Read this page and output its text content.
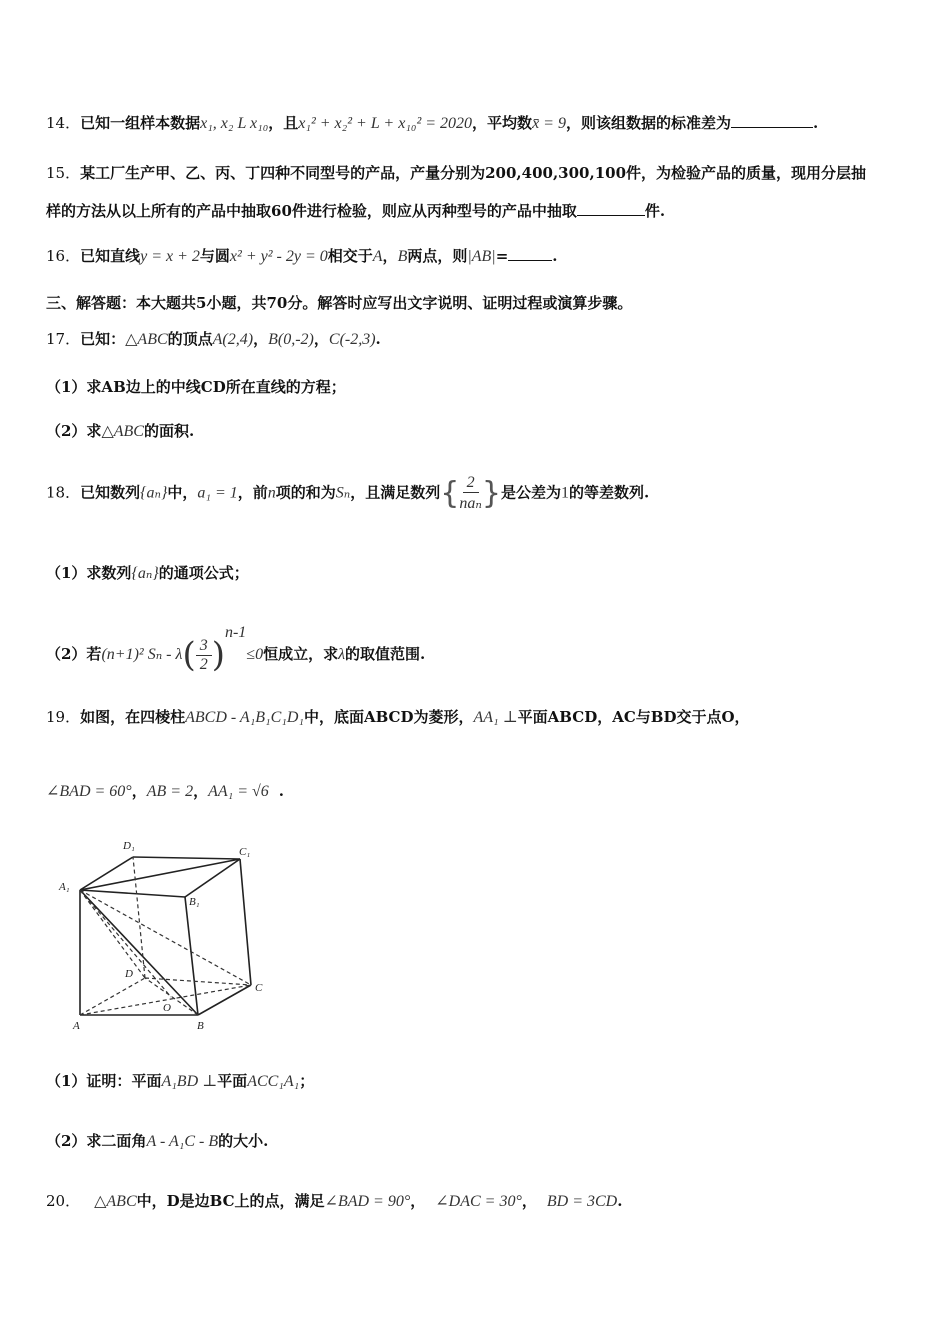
14．已知一组样本数据x₁, x₂ L x₁₀，且x₁² + x₂² + L + x₁₀² = 2020，平均数x̄ = 9，则该组数据的标准差为	.
15．某工厂生产甲、乙、丙、丁四种不同型号的产品，产量分别为200,400,300,100件，为检验产品的质量，现用分层抽
样的方法从以上所有的产品中抽取60件进行检验，则应从丙种型号的产品中抽取	件.
16．已知直线y = x + 2与圆x² + y² - 2y = 0相交于A，B两点，则|AB|=	.
三、解答题：本大题共5小题，共70分。解答时应写出文字说明、证明过程或演算步骤。
17．已知：△ABC的顶点A(2,4)，B(0,-2)，C(-2,3).
（1）求AB边上的中线CD所在直线的方程；
（2）求△ABC的面积.
18．已知数列{aₙ}中，a₁ = 1，前n项的和为Sₙ，且满足数列{ $\frac{2}{\text{naₙ}}$ }是公差为1的等差数列.
（1）求数列{aₙ}的通项公式；
（2）若(n+1)² $S_n - \lambda( \frac{3}{2} )^{n-1}\le 0$恒成立，求λ的取值范围.
19．如图，在四棱柱ABCD - A₁B₁C₁D₁中，底面ABCD为菱形，AA₁ ⊥平面ABCD，AC与BD交于点O，
∠BAD = 60°，AB = 2，AA₁ = √6 .
A	B
C
D
O
A₁
B₁
C₁
D₁
（1）证明：平面A₁BD ⊥平面ACC₁A₁；
（2）求二面角A - A₁C - B的大小.
20． △ABC中，D是边BC上的点，满足∠BAD = 90°， ∠DAC = 30°， BD = 3CD.
